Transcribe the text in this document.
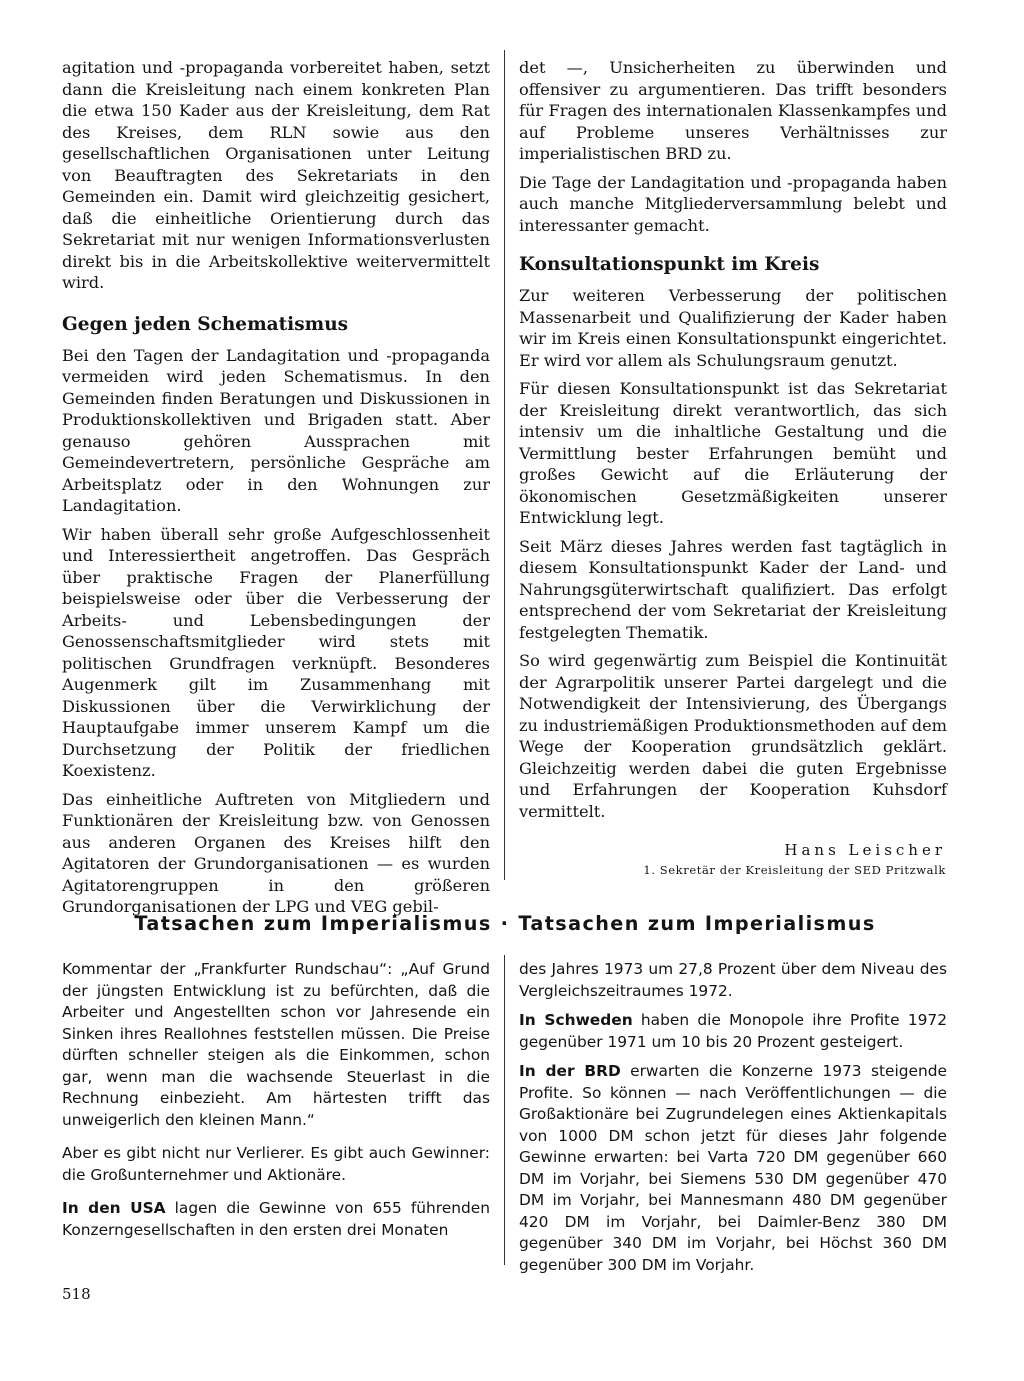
agitation und -propaganda vorbereitet haben, setzt dann die Kreisleitung nach einem konkreten Plan die etwa 150 Kader aus der Kreisleitung, dem Rat des Kreises, dem RLN sowie aus den gesellschaftlichen Organisationen unter Leitung von Beauftragten des Sekretariats in den Gemeinden ein. Damit wird gleichzeitig gesichert, daß die einheitliche Orientierung durch das Sekretariat mit nur wenigen Informationsverlusten direkt bis in die Arbeitskollektive weitervermittelt wird.

Gegen jeden Schematismus

Bei den Tagen der Landagitation und -propaganda vermeiden wird jeden Schematismus. In den Gemeinden finden Beratungen und Diskussionen in Produktionskollektiven und Brigaden statt. Aber genauso gehören Aussprachen mit Gemeindevertretern, persönliche Gespräche am Arbeitsplatz oder in den Wohnungen zur Landagitation.

Wir haben überall sehr große Aufgeschlossenheit und Interessiertheit angetroffen. Das Gespräch über praktische Fragen der Planerfüllung beispielsweise oder über die Verbesserung der Arbeits- und Lebensbedingungen der Genossenschaftsmitglieder wird stets mit politischen Grundfragen verknüpft. Besonderes Augenmerk gilt im Zusammenhang mit Diskussionen über die Verwirklichung der Hauptaufgabe immer unserem Kampf um die Durchsetzung der Politik der friedlichen Koexistenz.

Das einheitliche Auftreten von Mitgliedern und Funktionären der Kreisleitung bzw. von Genossen aus anderen Organen des Kreises hilft den Agitatoren der Grundorganisationen — es wurden Agitatorengruppen in den größeren Grundorganisationen der LPG und VEG gebil-

det —, Unsicherheiten zu überwinden und offensiver zu argumentieren. Das trifft besonders für Fragen des internationalen Klassenkampfes und auf Probleme unseres Verhältnisses zur imperialistischen BRD zu.

Die Tage der Landagitation und -propaganda haben auch manche Mitgliederversammlung belebt und interessanter gemacht.

Konsultationspunkt im Kreis

Zur weiteren Verbesserung der politischen Massenarbeit und Qualifizierung der Kader haben wir im Kreis einen Konsultationspunkt eingerichtet. Er wird vor allem als Schulungsraum genutzt.

Für diesen Konsultationspunkt ist das Sekretariat der Kreisleitung direkt verantwortlich, das sich intensiv um die inhaltliche Gestaltung und die Vermittlung bester Erfahrungen bemüht und großes Gewicht auf die Erläuterung der ökonomischen Gesetzmäßigkeiten unserer Entwicklung legt.

Seit März dieses Jahres werden fast tagtäglich in diesem Konsultationspunkt Kader der Land- und Nahrungsgüterwirtschaft qualifiziert. Das erfolgt entsprechend der vom Sekretariat der Kreisleitung festgelegten Thematik.

So wird gegenwärtig zum Beispiel die Kontinuität der Agrarpolitik unserer Partei dargelegt und die Notwendigkeit der Intensivierung, des Übergangs zu industriemäßigen Produktionsmethoden auf dem Wege der Kooperation grundsätzlich geklärt. Gleichzeitig werden dabei die guten Ergebnisse und Erfahrungen der Kooperation Kuhsdorf vermittelt.

Hans Leischer
1. Sekretär der Kreisleitung der SED Pritzwalk
Tatsachen zum Imperialismus · Tatsachen zum Imperialismus

Kommentar der „Frankfurter Rundschau“: „Auf Grund der jüngsten Entwicklung ist zu befürchten, daß die Arbeiter und Angestellten schon vor Jahresende ein Sinken ihres Reallohnes feststellen müssen. Die Preise dürften schneller steigen als die Einkommen, schon gar, wenn man die wachsende Steuerlast in die Rechnung einbezieht. Am härtesten trifft das unweigerlich den kleinen Mann.“

Aber es gibt nicht nur Verlierer. Es gibt auch Gewinner: die Großunternehmer und Aktionäre.

In den USA lagen die Gewinne von 655 führenden Konzerngesellschaften in den ersten drei Monaten

des Jahres 1973 um 27,8 Prozent über dem Niveau des Vergleichszeitraumes 1972.

In Schweden haben die Monopole ihre Profite 1972 gegenüber 1971 um 10 bis 20 Prozent gesteigert.

In der BRD erwarten die Konzerne 1973 steigende Profite. So können — nach Veröffentlichungen — die Großaktionäre bei Zugrundelegen eines Aktienkapitals von 1000 DM schon jetzt für dieses Jahr folgende Gewinne erwarten: bei Varta 720 DM gegenüber 660 DM im Vorjahr, bei Siemens 530 DM gegenüber 470 DM im Vorjahr, bei Mannesmann 480 DM gegenüber 420 DM im Vorjahr, bei Daimler-Benz 380 DM gegenüber 340 DM im Vorjahr, bei Höchst 360 DM gegenüber 300 DM im Vorjahr.

518
